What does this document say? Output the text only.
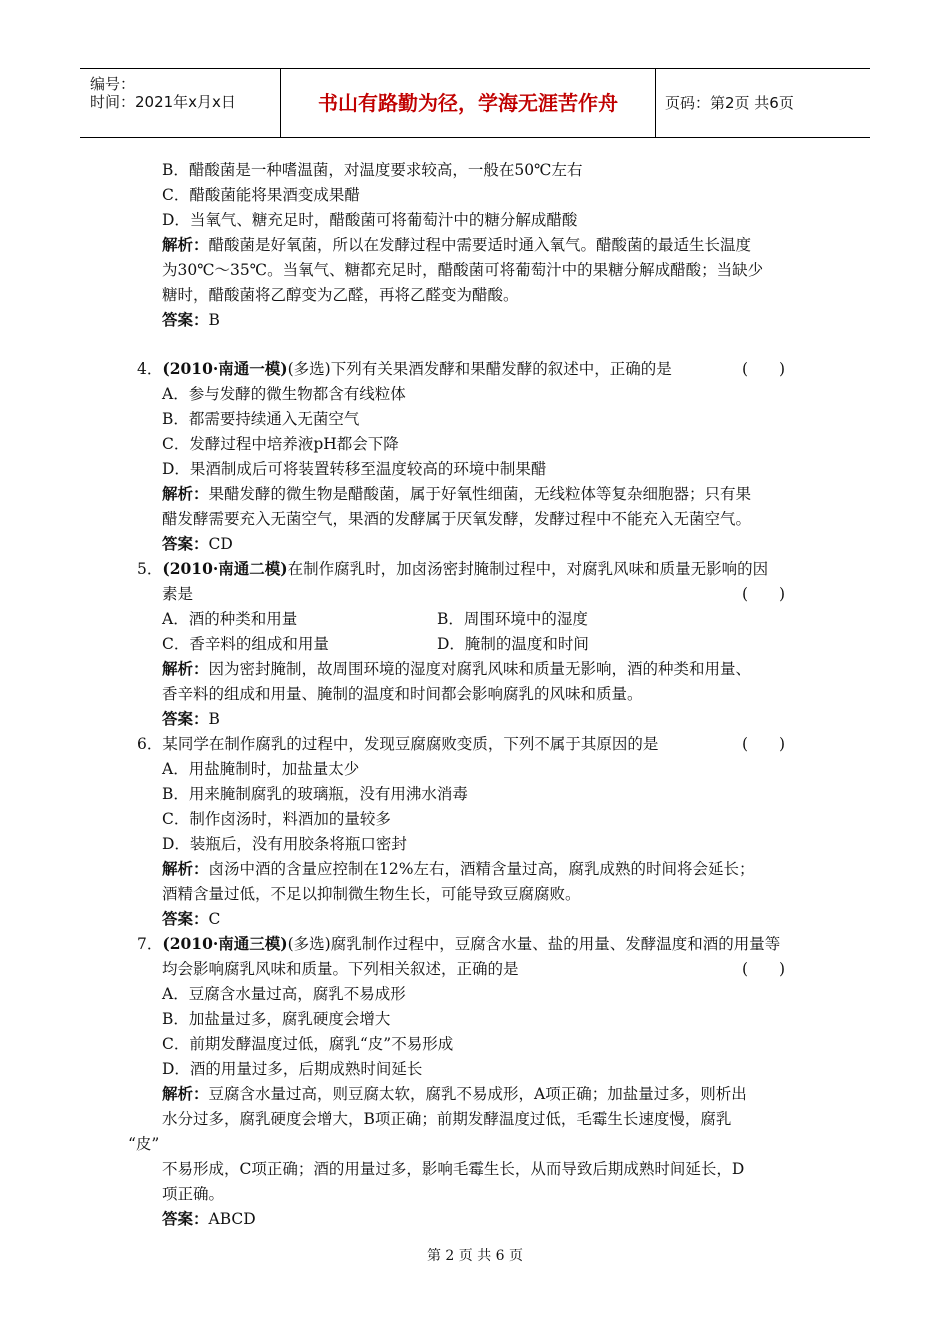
编号：
时间：2021年x月x日	书山有路勤为径，学海无涯苦作舟	页码：第2页 共6页
B．醋酸菌是一种嗜温菌，对温度要求较高，一般在50℃左右
C．醋酸菌能将果酒变成果醋
D．当氧气、糖充足时，醋酸菌可将葡萄汁中的糖分解成醋酸
解析：醋酸菌是好氧菌，所以在发酵过程中需要适时通入氧气。醋酸菌的最适生长温度
为30℃～35℃。当氧气、糖都充足时，醋酸菌可将葡萄汁中的果糖分解成醋酸；当缺少
糖时，醋酸菌将乙醇变为乙醛，再将乙醛变为醋酸。
答案：B
4．(2010·南通一模)(多选)下列有关果酒发酵和果醋发酵的叙述中，正确的是	(　　)
A．参与发酵的微生物都含有线粒体
B．都需要持续通入无菌空气
C．发酵过程中培养液pH都会下降
D．果酒制成后可将装置转移至温度较高的环境中制果醋
解析：果醋发酵的微生物是醋酸菌，属于好氧性细菌，无线粒体等复杂细胞器；只有果
醋发酵需要充入无菌空气，果酒的发酵属于厌氧发酵，发酵过程中不能充入无菌空气。
答案：CD
5．(2010·南通二模)在制作腐乳时，加卤汤密封腌制过程中，对腐乳风味和质量无影响的因
素是	(　　)
A．酒的种类和用量	B．周围环境中的湿度
C．香辛料的组成和用量	D．腌制的温度和时间
解析：因为密封腌制，故周围环境的湿度对腐乳风味和质量无影响，酒的种类和用量、
香辛料的组成和用量、腌制的温度和时间都会影响腐乳的风味和质量。
答案：B
6．某同学在制作腐乳的过程中，发现豆腐腐败变质，下列不属于其原因的是	(　　)
A．用盐腌制时，加盐量太少
B．用来腌制腐乳的玻璃瓶，没有用沸水消毒
C．制作卤汤时，料酒加的量较多
D．装瓶后，没有用胶条将瓶口密封
解析：卤汤中酒的含量应控制在12%左右，酒精含量过高，腐乳成熟的时间将会延长；
酒精含量过低，不足以抑制微生物生长，可能导致豆腐腐败。
答案：C
7．(2010·南通三模)(多选)腐乳制作过程中，豆腐含水量、盐的用量、发酵温度和酒的用量等
均会影响腐乳风味和质量。下列相关叙述，正确的是	(　　)
A．豆腐含水量过高，腐乳不易成形
B．加盐量过多，腐乳硬度会增大
C．前期发酵温度过低，腐乳“皮”不易形成
D．酒的用量过多，后期成熟时间延长
解析：豆腐含水量过高，则豆腐太软，腐乳不易成形，A项正确；加盐量过多，则析出
水分过多，腐乳硬度会增大，B项正确；前期发酵温度过低，毛霉生长速度慢，腐乳
“皮”
不易形成，C项正确；酒的用量过多，影响毛霉生长，从而导致后期成熟时间延长，D
项正确。
答案：ABCD
第 2 页 共 6 页
